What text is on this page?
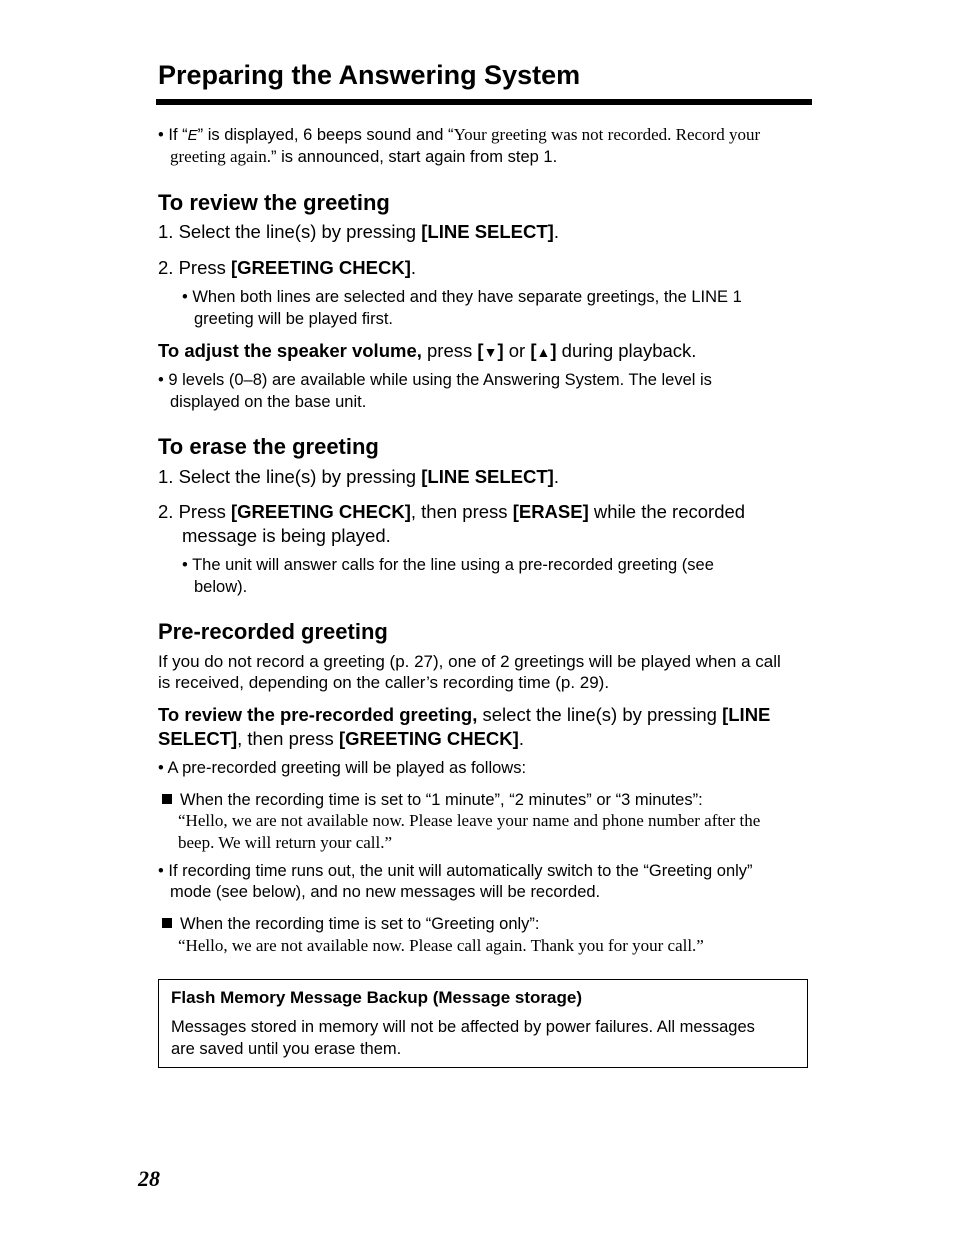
Preparing the Answering System
• If “E” is displayed, 6 beeps sound and “Your greeting was not recorded. Record your
greeting again.” is announced, start again from step 1.
To review the greeting
1. Select the line(s) by pressing [LINE SELECT].
2. Press [GREETING CHECK].
• When both lines are selected and they have separate greetings, the LINE 1
greeting will be played first.
To adjust the speaker volume, press [▼] or [▲] during playback.
• 9 levels (0–8) are available while using the Answering System. The level is
displayed on the base unit.
To erase the greeting
1. Select the line(s) by pressing [LINE SELECT].
2. Press [GREETING CHECK], then press [ERASE] while the recorded
message is being played.
• The unit will answer calls for the line using a pre-recorded greeting (see
below).
Pre-recorded greeting
If you do not record a greeting (p. 27), one of 2 greetings will be played when a call
is received, depending on the caller’s recording time (p. 29).
To review the pre-recorded greeting, select the line(s) by pressing [LINE
SELECT], then press [GREETING CHECK].
• A pre-recorded greeting will be played as follows:
When the recording time is set to “1 minute”, “2 minutes” or “3 minutes”:
“Hello, we are not available now. Please leave your name and phone number after the
beep. We will return your call.”
• If recording time runs out, the unit will automatically switch to the “Greeting only”
mode (see below), and no new messages will be recorded.
When the recording time is set to “Greeting only”:
“Hello, we are not available now. Please call again. Thank you for your call.”
Flash Memory Message Backup (Message storage)
Messages stored in memory will not be affected by power failures. All messages
are saved until you erase them.
28
